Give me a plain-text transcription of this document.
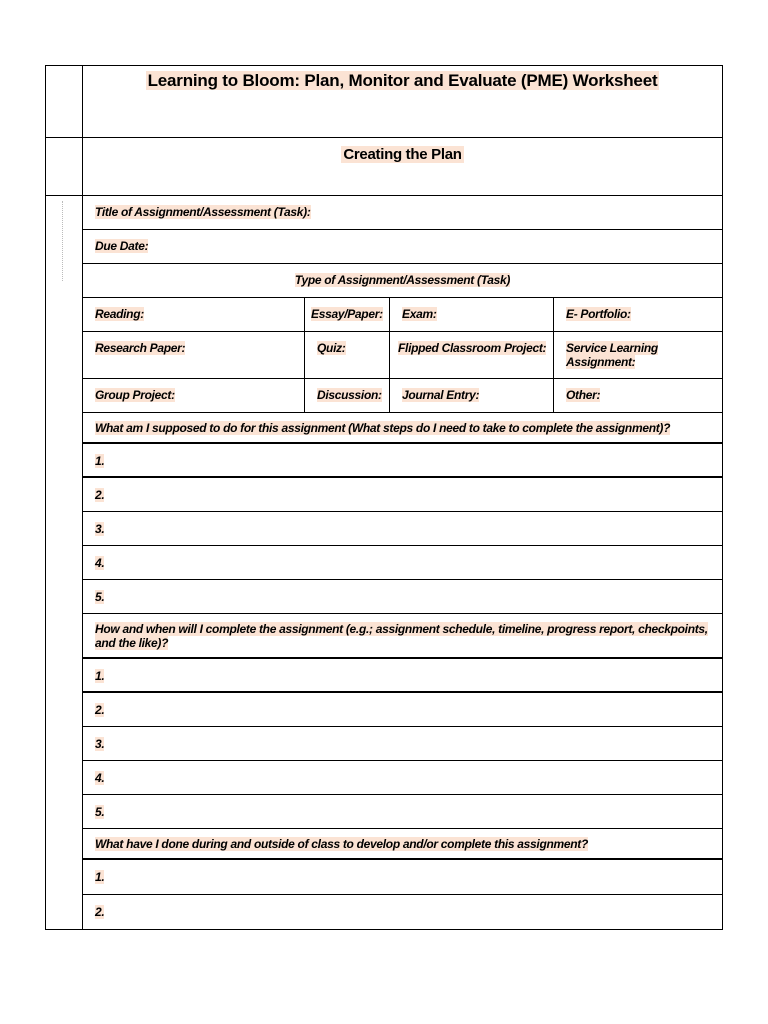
Learning to Bloom: Plan, Monitor and Evaluate (PME) Worksheet
Creating the Plan
Title of Assignment/Assessment (Task):
Due Date:
Type of Assignment/Assessment (Task)
Reading:	Essay/Paper:	Exam:	E- Portfolio:
Research Paper:	Quiz:	Flipped Classroom Project:	Service Learning Assignment:
Group Project:	Discussion:	Journal Entry:	Other:
What am I supposed to do for this assignment (What steps do I need to take to complete the assignment)?
1.
2.
3.
4.
5.
How and when will I complete the assignment (e.g.; assignment schedule, timeline, progress report, checkpoints, and the like)?
1.
2.
3.
4.
5.
What have I done during and outside of class to develop and/or complete this assignment?
1.
2.
